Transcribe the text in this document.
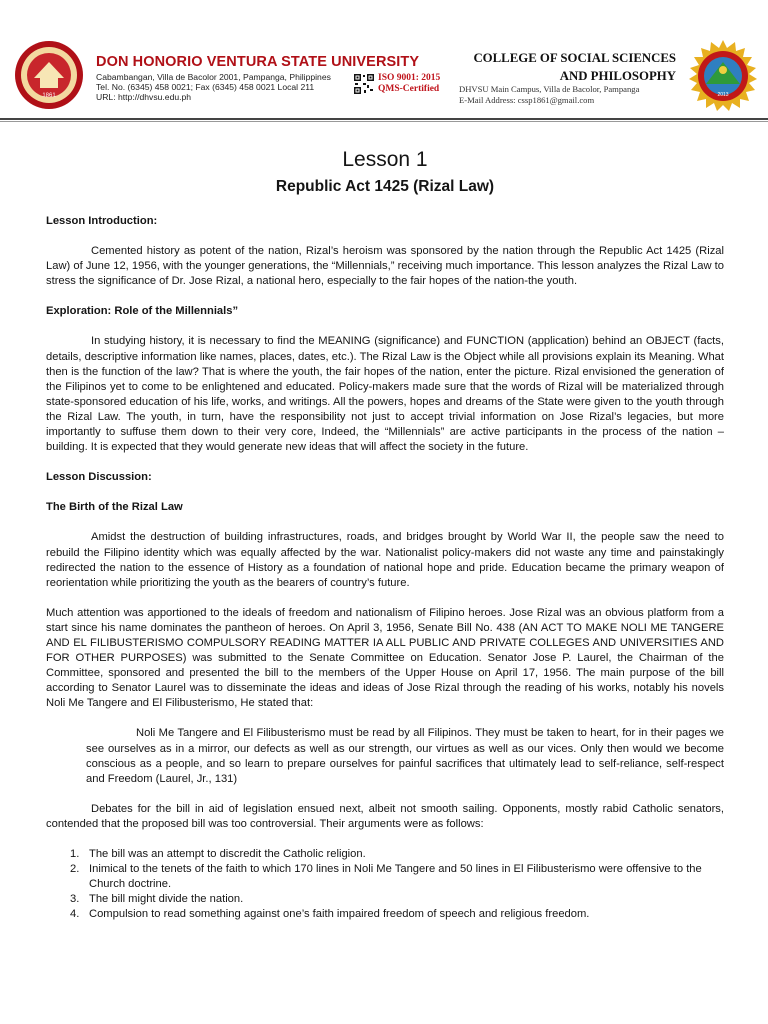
1861
DON HONORIO VENTURA STATE UNIVERSITY
Cabambangan, Villa de Bacolor 2001, Pampanga, Philippines
Tel. No. (6345) 458 0021; Fax (6345) 458 0021 Local 211
URL: http://dhvsu.edu.ph
ISO 9001: 2015
QMS-Certified
COLLEGE OF SOCIAL SCIENCES
AND PHILOSOPHY
DHVSU Main Campus, Villa de Bacolor, Pampanga
E-Mail Address: cssp1861@gmail.com	2013
Lesson 1
Republic Act 1425 (Rizal Law)

Lesson Introduction:

Cemented history as potent of the nation, Rizal’s heroism was sponsored by the nation through the Republic Act 1425 (Rizal Law) of June 12, 1956, with the younger generations, the “Millennials,” receiving much importance. This lesson analyzes the Rizal Law to stress the significance of Dr. Jose Rizal, a national hero, especially to the fair hopes of the nation-the youth.

Exploration: Role of the Millennials”

In studying history, it is necessary to find the MEANING (significance) and FUNCTION (application) behind an OBJECT (facts, details, descriptive information like names, places, dates, etc.). The Rizal Law is the Object while all provisions explain its Meaning. What then is the function of the law? That is where the youth, the fair hopes of the nation, enter the picture. Rizal envisioned the generation of the Filipinos yet to come to be enlightened and educated. Policy-makers made sure that the words of Rizal will be materialized through state-sponsored education of his life, works, and writings. All the powers, hopes and dreams of the State were given to the youth through the Rizal Law. The youth, in turn, have the responsibility not just to accept trivial information on Jose Rizal’s legacies, but more importantly to suffuse them down to their very core, Indeed, the “Millennials” are active participants in the process of the nation – building. It is expected that they would generate new ideas that will affect the society in the future.

Lesson Discussion:

The Birth of the Rizal Law

Amidst the destruction of building infrastructures, roads, and bridges brought by World War II, the people saw the need to rebuild the Filipino identity which was equally affected by the war. Nationalist policy-makers did not waste any time and painstakingly redirected the nation to the essence of History as a foundation of national hope and pride. Education became the primary weapon of reorientation while prioritizing the youth as the bearers of country’s future.

Much attention was apportioned to the ideals of freedom and nationalism of Filipino heroes. Jose Rizal was an obvious platform from a start since his name dominates the pantheon of heroes. On April 3, 1956, Senate Bill No. 438 (AN ACT TO MAKE NOLI ME TANGERE AND EL FILIBUSTERISMO COMPULSORY READING MATTER IA ALL PUBLIC AND PRIVATE COLLEGES AND UNIVERSITIES AND FOR OTHER PURPOSES) was submitted to the Senate Committee on Education. Senator Jose P. Laurel, the Chairman of the Committee, sponsored and presented the bill to the members of the Upper House on April 17, 1956. The main purpose of the bill according to Senator Laurel was to disseminate the ideas and ideas of Jose Rizal through the reading of his works, notably his novels Noli Me Tangere and El Filibusterismo, He stated that:

Noli Me Tangere and El Filibusterismo must be read by all Filipinos. They must be taken to heart, for in their pages we see ourselves as in a mirror, our defects as well as our strength, our virtues as well as our vices. Only then would we become conscious as a people, and so learn to prepare ourselves for painful sacrifices that ultimately lead to self-reliance, self-respect and Freedom (Laurel, Jr., 131)

Debates for the bill in aid of legislation ensued next, albeit not smooth sailing. Opponents, mostly rabid Catholic senators, contended that the proposed bill was too controversial. Their arguments were as follows:

1. The bill was an attempt to discredit the Catholic religion.
2. Inimical to the tenets of the faith to which 170 lines in Noli Me Tangere and 50 lines in El Filibusterismo were offensive to the Church doctrine.
3. The bill might divide the nation.
4. Compulsion to read something against one’s faith impaired freedom of speech and religious freedom.
